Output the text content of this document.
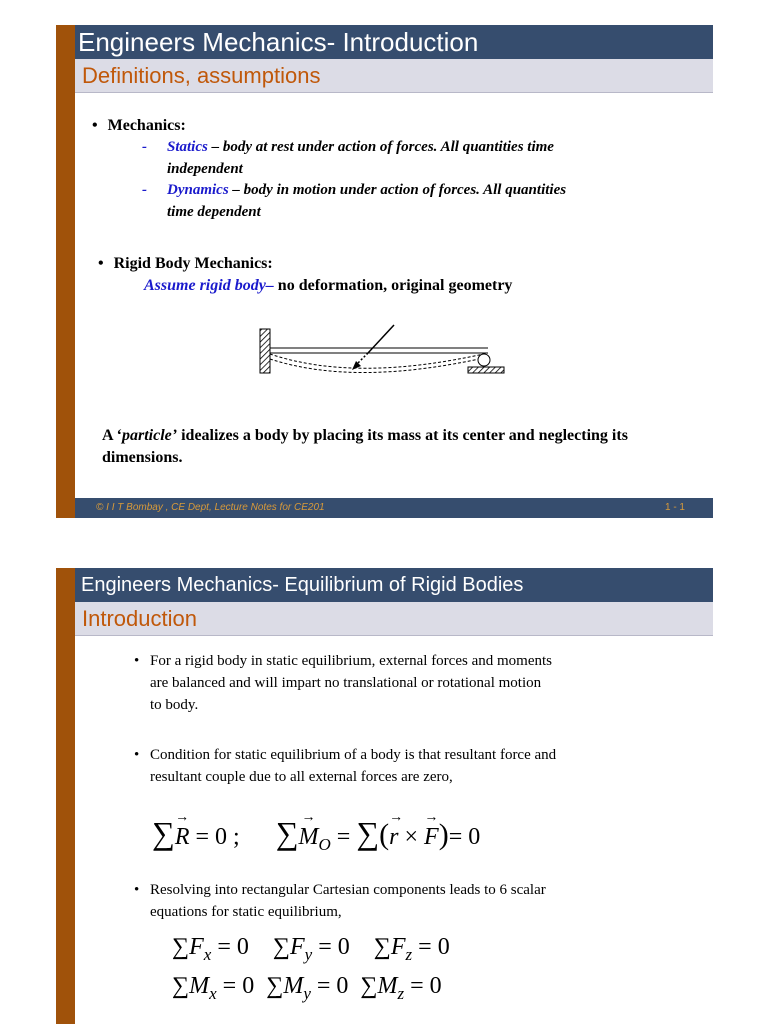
Engineers Mechanics- Introduction
Definitions, assumptions
• Mechanics:
- Statics – body at rest under action of forces. All quantities time
independent
- Dynamics – body in motion under action of forces. All quantities
time dependent
• Rigid Body Mechanics:
Assume rigid body– no deformation, original geometry
A ‘particle’ idealizes a body by placing its mass at its center and neglecting its
dimensions.
© I I T Bombay , CE Dept, Lecture Notes for CE201	1 - 1
Engineers Mechanics- Equilibrium of Rigid Bodies
Introduction
• For a rigid body in static equilibrium, external forces and moments
are balanced and will impart no translational or rotational motion
to body.
• Condition for static equilibrium of a body is that resultant force and
resultant couple due to all external forces are zero,
∑→ R = 0 ;      ∑→ $M_O$ = ∑(→ r × → F)= 0
• Resolving into rectangular Cartesian components leads to 6 scalar
equations for static equilibrium,
$\sum F_x = 0$    $\sum F_y = 0$    $\sum F_z = 0$
$\sum M_x = 0$  $\sum M_y = 0$  $\sum M_z = 0$
